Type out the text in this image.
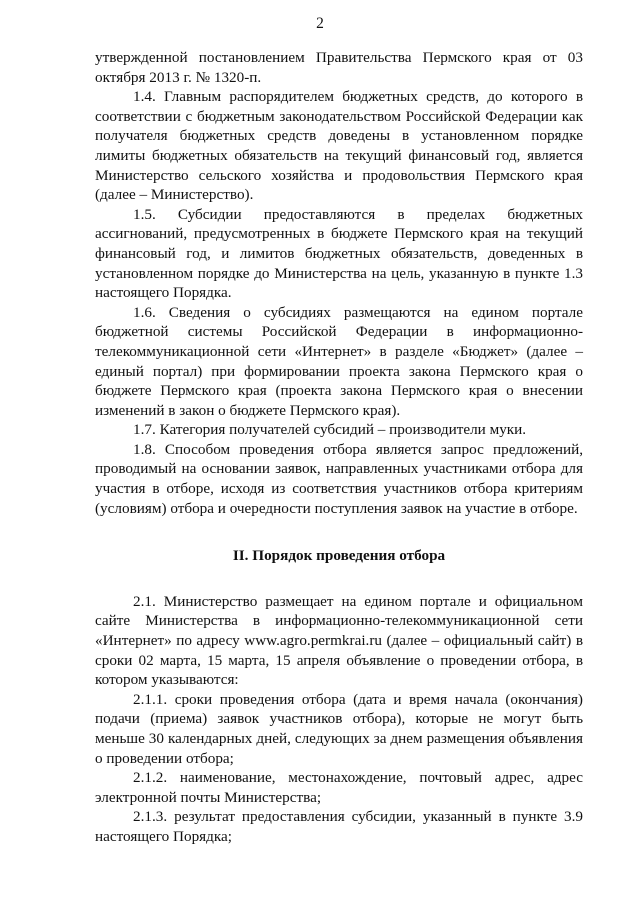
2

утвержденной постановлением Правительства Пермского края от 03 октября 2013 г. № 1320-п.

1.4. Главным распорядителем бюджетных средств, до которого в соответствии с бюджетным законодательством Российской Федерации как получателя бюджетных средств доведены в установленном порядке лимиты бюджетных обязательств на текущий финансовый год, является Министерство сельского хозяйства и продовольствия Пермского края (далее – Министерство).

1.5. Субсидии предоставляются в пределах бюджетных ассигнований, предусмотренных в бюджете Пермского края на текущий финансовый год, и лимитов бюджетных обязательств, доведенных в установленном порядке до Министерства на цель, указанную в пункте 1.3 настоящего Порядка.

1.6. Сведения о субсидиях размещаются на едином портале бюджетной системы Российской Федерации в информационно-телекоммуникационной сети «Интернет» в разделе «Бюджет» (далее – единый портал) при формировании проекта закона Пермского края о бюджете Пермского края (проекта закона Пермского края о внесении изменений в закон о бюджете Пермского края).

1.7. Категория получателей субсидий – производители муки.

1.8. Способом проведения отбора является запрос предложений, проводимый на основании заявок, направленных участниками отбора для участия в отборе, исходя из соответствия участников отбора критериям (условиям) отбора и очередности поступления заявок на участие в отборе.

II. Порядок проведения отбора

2.1. Министерство размещает на едином портале и официальном сайте Министерства в информационно-телекоммуникационной сети «Интернет» по адресу www.agro.permkrai.ru (далее – официальный сайт) в сроки 02 марта, 15 марта, 15 апреля объявление о проведении отбора, в котором указываются:

2.1.1. сроки проведения отбора (дата и время начала (окончания) подачи (приема) заявок участников отбора), которые не могут быть меньше 30 календарных дней, следующих за днем размещения объявления о проведении отбора;

2.1.2. наименование, местонахождение, почтовый адрес, адрес электронной почты Министерства;

2.1.3. результат предоставления субсидии, указанный в пункте 3.9 настоящего Порядка;
